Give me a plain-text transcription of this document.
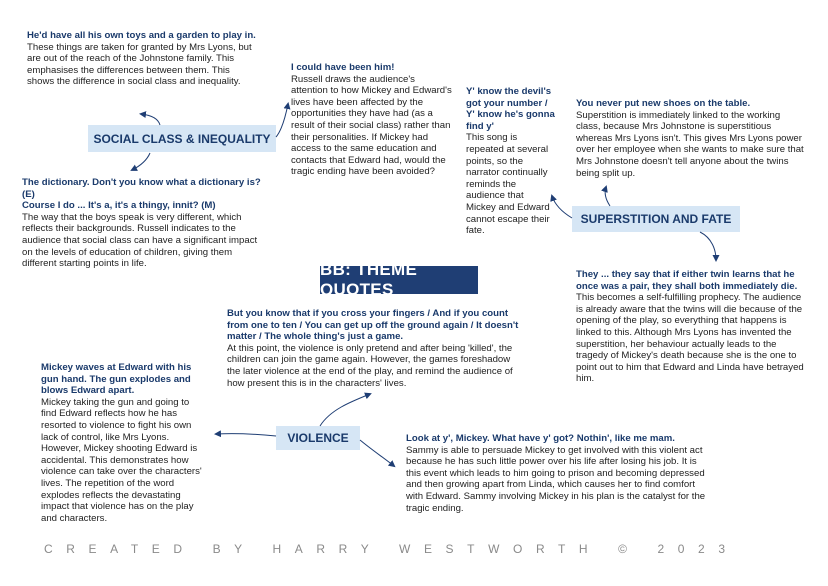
BB: THEME QUOTES
SOCIAL CLASS & INEQUALITY
SUPERSTITION AND FATE
VIOLENCE
He'd have all his own toys and a garden to play in.
These things are taken for granted by Mrs Lyons, but are out of the reach of the Johnstone family. This emphasises the differences between them. This shows the difference in social class and inequality.
I could have been him!
Russell draws the audience's attention to how Mickey and Edward's lives have been affected by the opportunities they have had (as a result of their social class) rather than their personalities. If Mickey had access to the same education and contacts that Edward had, would the tragic ending have been avoided?
Y' know the devil's got your number / Y' know he's gonna find y'
This song is repeated at several points, so the narrator continually reminds the audience that Mickey and Edward cannot escape their fate.
You never put new shoes on the table.
Superstition is immediately linked to the working class, because Mrs Johnstone is superstitious whereas Mrs Lyons isn't. This gives Mrs Lyons power over her employee when she wants to make sure that Mrs Johnstone doesn't tell anyone about the twins being split up.
The dictionary. Don't you know what a dictionary is? (E)
Course I do ... It's a, it's a thingy, innit? (M)
The way that the boys speak is very different, which reflects their backgrounds. Russell indicates to the audience that social class can have a significant impact on the levels of education of children, giving them different starting points in life.
They ... they say that if either twin learns that he once was a pair, they shall both immediately die.
This becomes a self-fulfilling prophecy. The audience is already aware that the twins will die because of the opening of the play, so everything that happens is linked to this. Although Mrs Lyons has invented the superstition, her behaviour actually leads to the tragedy of Mickey's death because she is the one to point out to him that Edward and Linda have betrayed him.
But you know that if you cross your fingers / And if you count from one to ten / You can get up off the ground again / It doesn't matter / The whole thing's just a game.
At this point, the violence is only pretend and after being 'killed', the children can join the game again. However, the games foreshadow the later violence at the end of the play, and remind the audience of how present this is in the characters' lives.
Mickey waves at Edward with his gun hand. The gun explodes and blows Edward apart.
Mickey taking the gun and going to find Edward reflects how he has resorted to violence to fight his own lack of control, like Mrs Lyons. However, Mickey shooting Edward is accidental. This demonstrates how violence can take over the characters' lives. The repetition of the word explodes reflects the devastating impact that violence has on the play and characters.
Look at y', Mickey. What have y' got? Nothin', like me mam.
Sammy is able to persuade Mickey to get involved with this violent act because he has such little power over his life after losing his job. It is this event which leads to him going to prison and becoming depressed and then growing apart from Linda, which causes her to find comfort with Edward. Sammy involving Mickey in his plan is the catalyst for the tragic ending.
CREATED BY HARRY WESTWORTH © 2023
